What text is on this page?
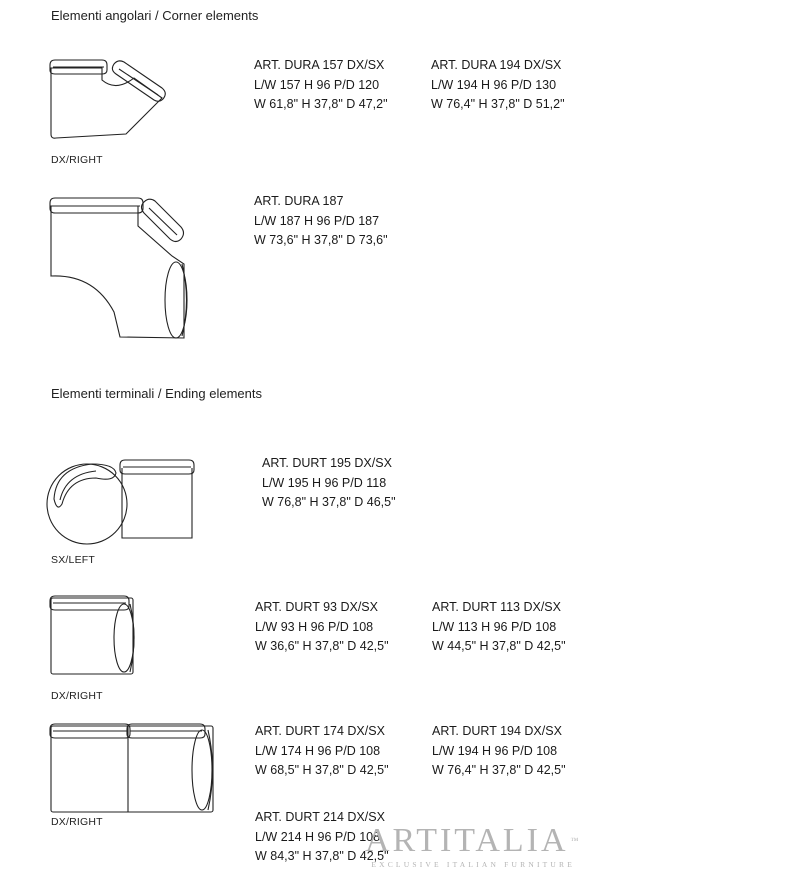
Elementi angolari / Corner elements
Elementi terminali / Ending elements
DX/RIGHT
SX/LEFT
DX/RIGHT
DX/RIGHT
ART. DURA 157 DX/SX
L/W 157 H 96 P/D 120
W 61,8" H 37,8" D 47,2"
ART. DURA 194 DX/SX
L/W 194 H 96 P/D 130
W 76,4" H 37,8" D 51,2"
ART. DURA 187
L/W 187 H 96 P/D 187
W 73,6" H 37,8" D 73,6"
ART. DURT 195 DX/SX
L/W 195 H 96 P/D 118
W 76,8" H 37,8" D 46,5"
ART. DURT 93 DX/SX
L/W 93 H 96 P/D 108
W 36,6" H 37,8" D 42,5"
ART. DURT 113 DX/SX
L/W 113 H 96 P/D 108
W 44,5" H 37,8" D 42,5"
ART. DURT 174 DX/SX
L/W 174 H 96 P/D 108
W 68,5" H 37,8" D 42,5"
ART. DURT 194 DX/SX
L/W 194 H 96 P/D 108
W 76,4" H 37,8" D 42,5"
ART. DURT 214 DX/SX
L/W 214 H 96 P/D 108
W 84,3" H 37,8" D 42,5"
ARTITALIA ™
EXCLUSIVE ITALIAN FURNITURE
